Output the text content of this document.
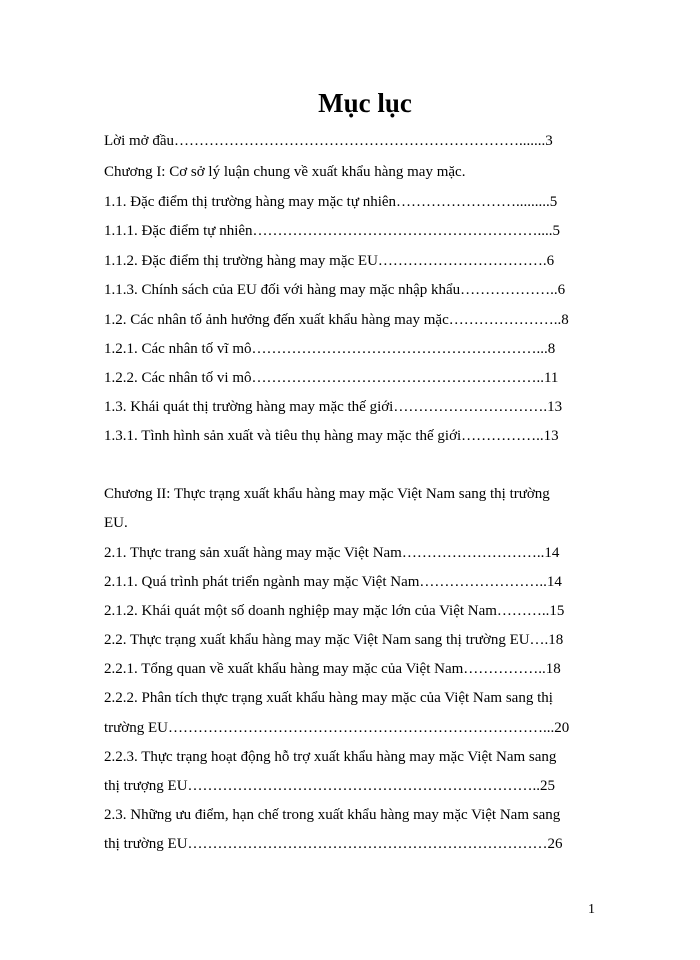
Mục lục
Lời mở đầu…………………………………………………………….......3
Chương I: Cơ sở lý luận chung về xuất khẩu hàng may mặc.
1.1. Đặc điểm thị trường hàng may mặc tự nhiên…………………….........5
1.1.1. Đặc điểm tự nhiên…………………………………………………....5
1.1.2. Đặc điểm thị trường hàng may mặc EU…………………………….6
1.1.3. Chính sách của EU đối với hàng may mặc nhập khẩu………………..6
1.2. Các nhân tố ảnh hưởng đến xuất khẩu hàng may mặc…………………..8
1.2.1. Các nhân tố vĩ mô…………………………………………………...8
1.2.2. Các nhân tố vi mô…………………………………………………..11
1.3. Khái quát thị trường hàng may mặc thế giới………………………….13
1.3.1. Tình hình sản xuất và tiêu thụ hàng may mặc thế giới……………..13
Chương II: Thực trạng xuất khẩu hàng may mặc Việt Nam sang thị trường
EU.
2.1. Thực trang sản xuất hàng may mặc Việt Nam………………………..14
2.1.1. Quá trình phát triển ngành may mặc Việt Nam……………………..14
2.1.2. Khái quát một số doanh nghiệp may mặc lớn của Việt Nam………..15
2.2. Thực trạng xuất khẩu hàng may mặc Việt Nam sang thị trường EU….18
2.2.1. Tổng quan về xuất khẩu hàng may mặc của Việt Nam……………..18
2.2.2. Phân tích thực trạng xuất khẩu hàng may mặc của Việt Nam sang thị
trường EU…………………………………………………………………...20
2.2.3. Thực trạng hoạt động hỗ trợ xuất khẩu hàng may mặc Việt Nam sang
thị trượng EU……………………………………………………………..25
2.3. Những ưu điểm, hạn chế trong xuất khẩu hàng may mặc Việt Nam sang
thị trường EU………………………………………………………………26
1
